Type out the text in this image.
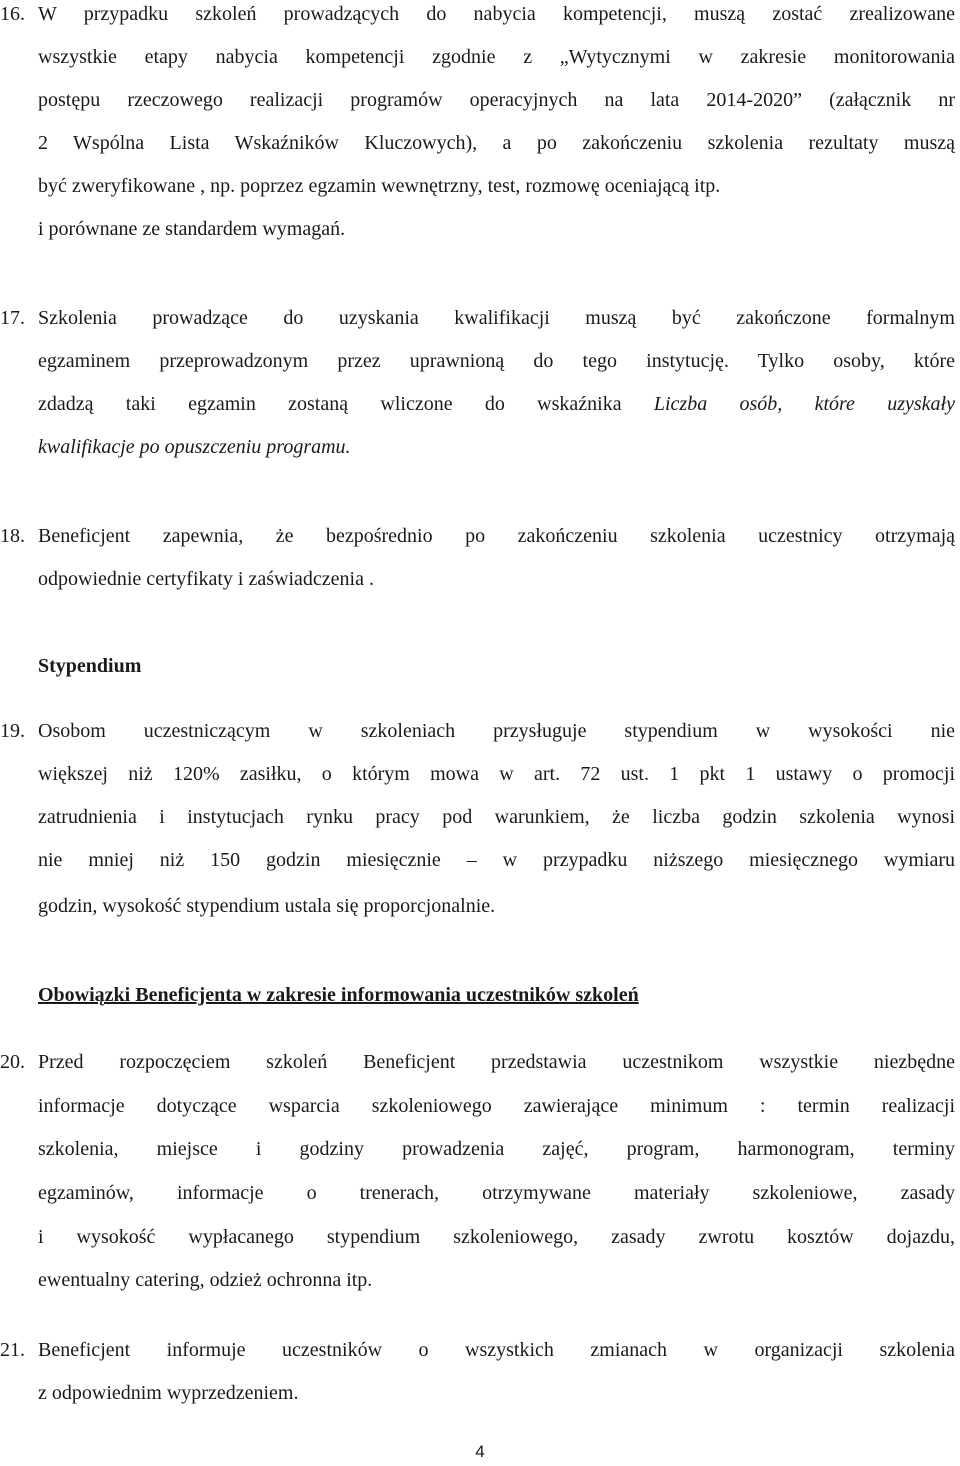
16. W przypadku szkoleń prowadzących do nabycia kompetencji, muszą zostać zrealizowane

wszystkie etapy nabycia kompetencji zgodnie z „Wytycznymi w zakresie monitorowania

postępu rzeczowego realizacji programów operacyjnych na lata 2014-2020” (załącznik nr

2 Wspólna Lista Wskaźników Kluczowych), a po zakończeniu szkolenia rezultaty muszą

być zweryfikowane , np. poprzez egzamin wewnętrzny, test, rozmowę oceniającą itp.

i porównane ze standardem wymagań.

17. Szkolenia prowadzące do uzyskania kwalifikacji muszą być zakończone formalnym

egzaminem przeprowadzonym przez uprawnioną do tego instytucję. Tylko osoby, które

zdadzą taki egzamin zostaną wliczone do wskaźnika Liczba osób, które uzyskały

kwalifikacje po opuszczeniu programu.

18. Beneficjent zapewnia, że bezpośrednio po zakończeniu szkolenia uczestnicy otrzymają

odpowiednie certyfikaty i zaświadczenia .

Stypendium
19. Osobom uczestniczącym w szkoleniach przysługuje stypendium w wysokości nie

większej niż 120% zasiłku, o którym mowa w art. 72 ust. 1 pkt 1 ustawy o promocji

zatrudnienia i instytucjach rynku pracy pod warunkiem, że liczba godzin szkolenia wynosi

nie mniej niż 150 godzin miesięcznie – w przypadku niższego miesięcznego wymiaru

godzin, wysokość stypendium ustala się proporcjonalnie.

Obowiązki Beneficjenta w zakresie informowania uczestników szkoleń
20. Przed rozpoczęciem szkoleń Beneficjent przedstawia uczestnikom wszystkie niezbędne

informacje dotyczące wsparcia szkoleniowego zawierające minimum : termin realizacji

szkolenia, miejsce i godziny prowadzenia zajęć, program, harmonogram, terminy

egzaminów, informacje o trenerach, otrzymywane materiały szkoleniowe, zasady

i wysokość wypłacanego stypendium szkoleniowego, zasady zwrotu kosztów dojazdu,

ewentualny catering, odzież ochronna itp.

21. Beneficjent informuje uczestników o wszystkich zmianach w organizacji szkolenia

z odpowiednim wyprzedzeniem.

4
